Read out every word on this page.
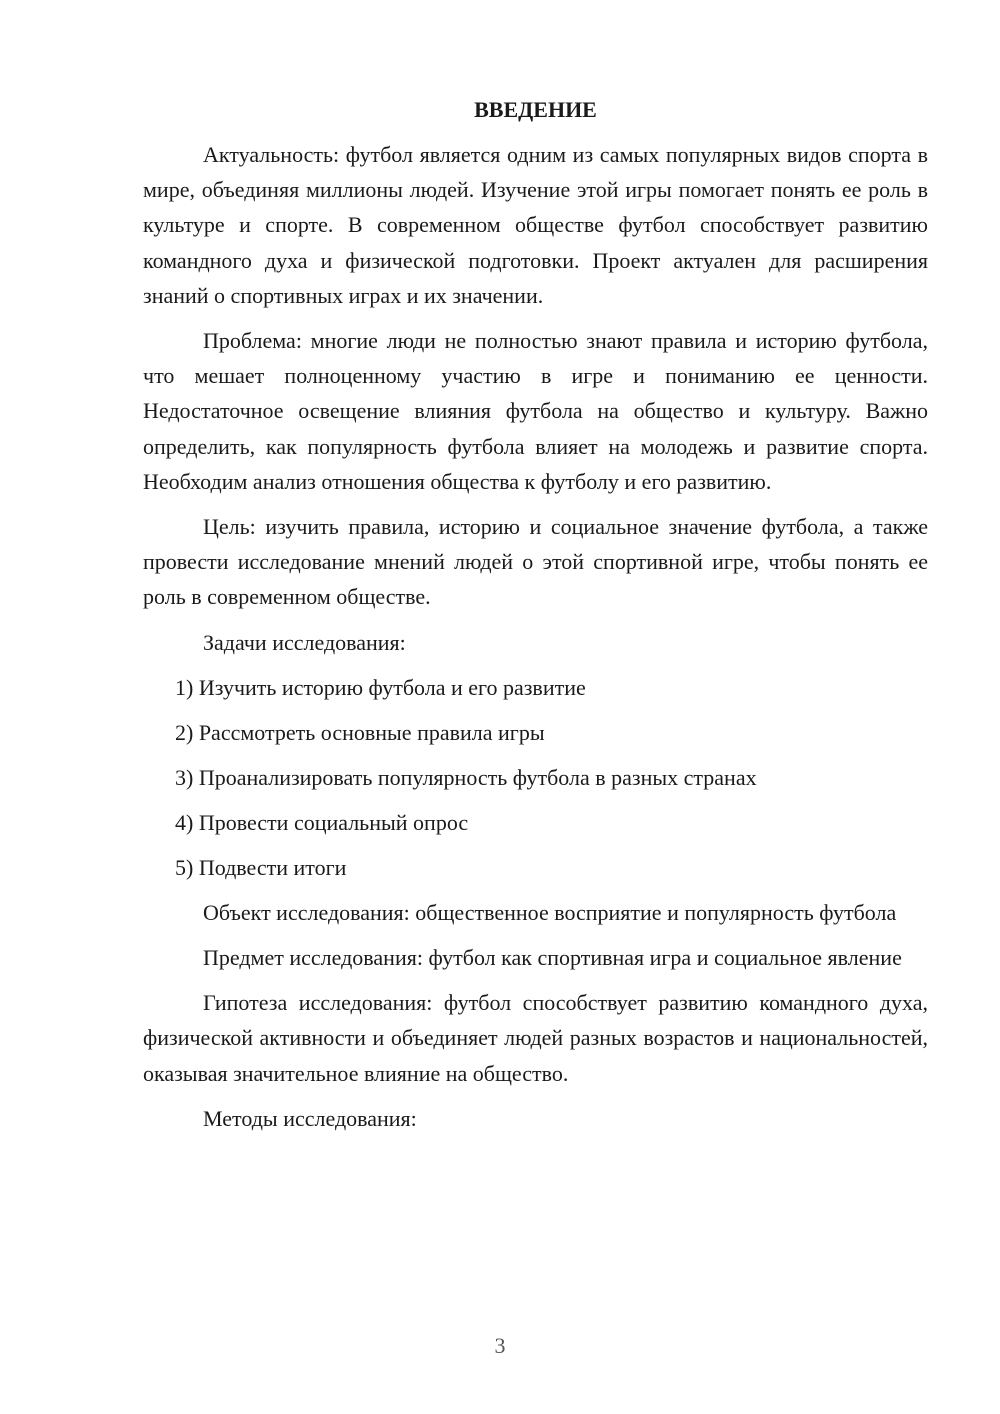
ВВЕДЕНИЕ

Актуальность: футбол является одним из самых популярных видов спорта в мире, объединяя миллионы людей. Изучение этой игры помогает понять ее роль в культуре и спорте. В современном обществе футбол способствует развитию командного духа и физической подготовки. Проект актуален для расширения знаний о спортивных играх и их значении.

Проблема: многие люди не полностью знают правила и историю футбола, что мешает полноценному участию в игре и пониманию ее ценности. Недостаточное освещение влияния футбола на общество и культуру. Важно определить, как популярность футбола влияет на молодежь и развитие спорта. Необходим анализ отношения общества к футболу и его развитию.

Цель: изучить правила, историю и социальное значение футбола, а также провести исследование мнений людей о этой спортивной игре, чтобы понять ее роль в современном обществе.

Задачи исследования:

1) Изучить историю футбола и его развитие
2) Рассмотреть основные правила игры
3) Проанализировать популярность футбола в разных странах
4) Провести социальный опрос
5) Подвести итоги

Объект исследования: общественное восприятие и популярность футбола

Предмет исследования: футбол как спортивная игра и социальное явление

Гипотеза исследования: футбол способствует развитию командного духа, физической активности и объединяет людей разных возрастов и национальностей, оказывая значительное влияние на общество.

Методы исследования:

3
